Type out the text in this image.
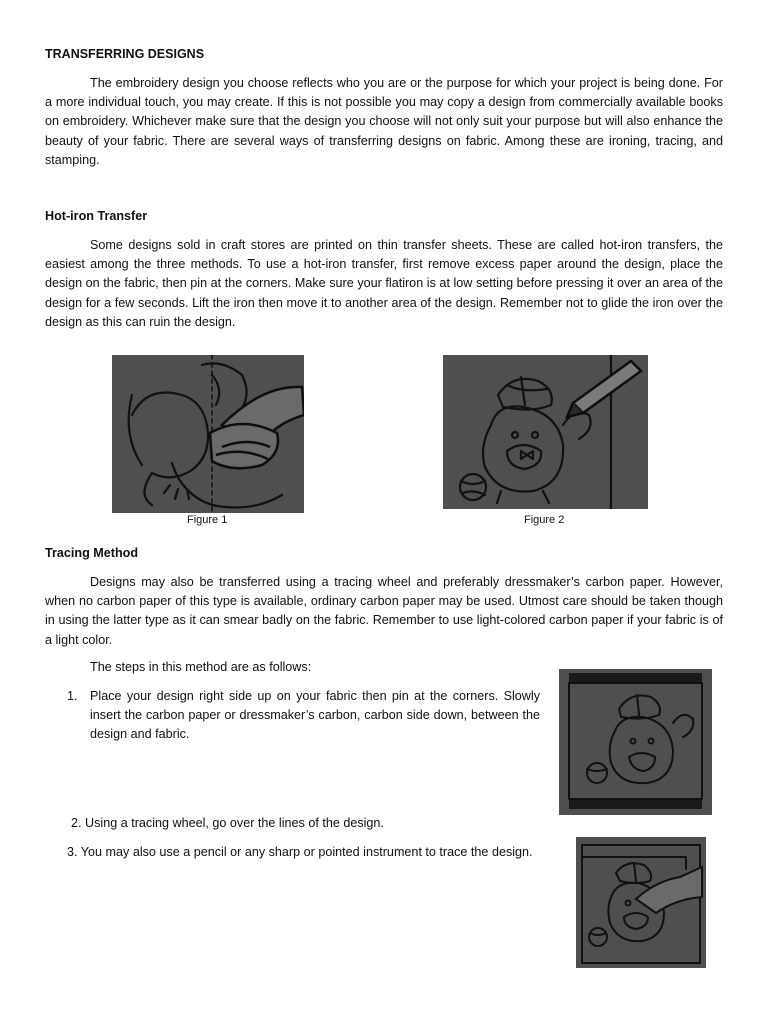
TRANSFERRING DESIGNS

The embroidery design you choose reflects who you are or the purpose for which your project is being done. For a more individual touch, you may create. If this is not possible you may copy a design from commercially available books on embroidery. Whichever make sure that the design you choose will not only suit your purpose but will also enhance the beauty of your fabric. There are several ways of transferring designs on fabric. Among these are ironing, tracing, and stamping.

Hot-iron Transfer

Some designs sold in craft stores are printed on thin transfer sheets. These are called hot-iron transfers, the easiest among the three methods. To use a hot-iron transfer, first remove excess paper around the design, place the design on the fabric, then pin at the corners. Make sure your flatiron is at low setting before pressing it over an area of the design for a few seconds. Lift the iron then move it to another area of the design. Remember not to glide the iron over the design as this can ruin the design.

Figure 1	Figure 2
Tracing Method

Designs may also be transferred using a tracing wheel and preferably dressmaker’s carbon paper. However, when no carbon paper of this type is available, ordinary carbon paper may be used. Utmost care should be taken though in using the latter type as it can smear badly on the fabric. Remember to use light-colored carbon paper if your fabric is of a light color.

The steps in this method are as follows:
1. Place your design right side up on your fabric then pin at the corners. Slowly insert the carbon paper or dressmaker’s carbon, carbon side down, between the design and fabric.
2. Using a tracing wheel, go over the lines of the design.
3. You may also use a pencil or any sharp or pointed instrument to trace the design.
